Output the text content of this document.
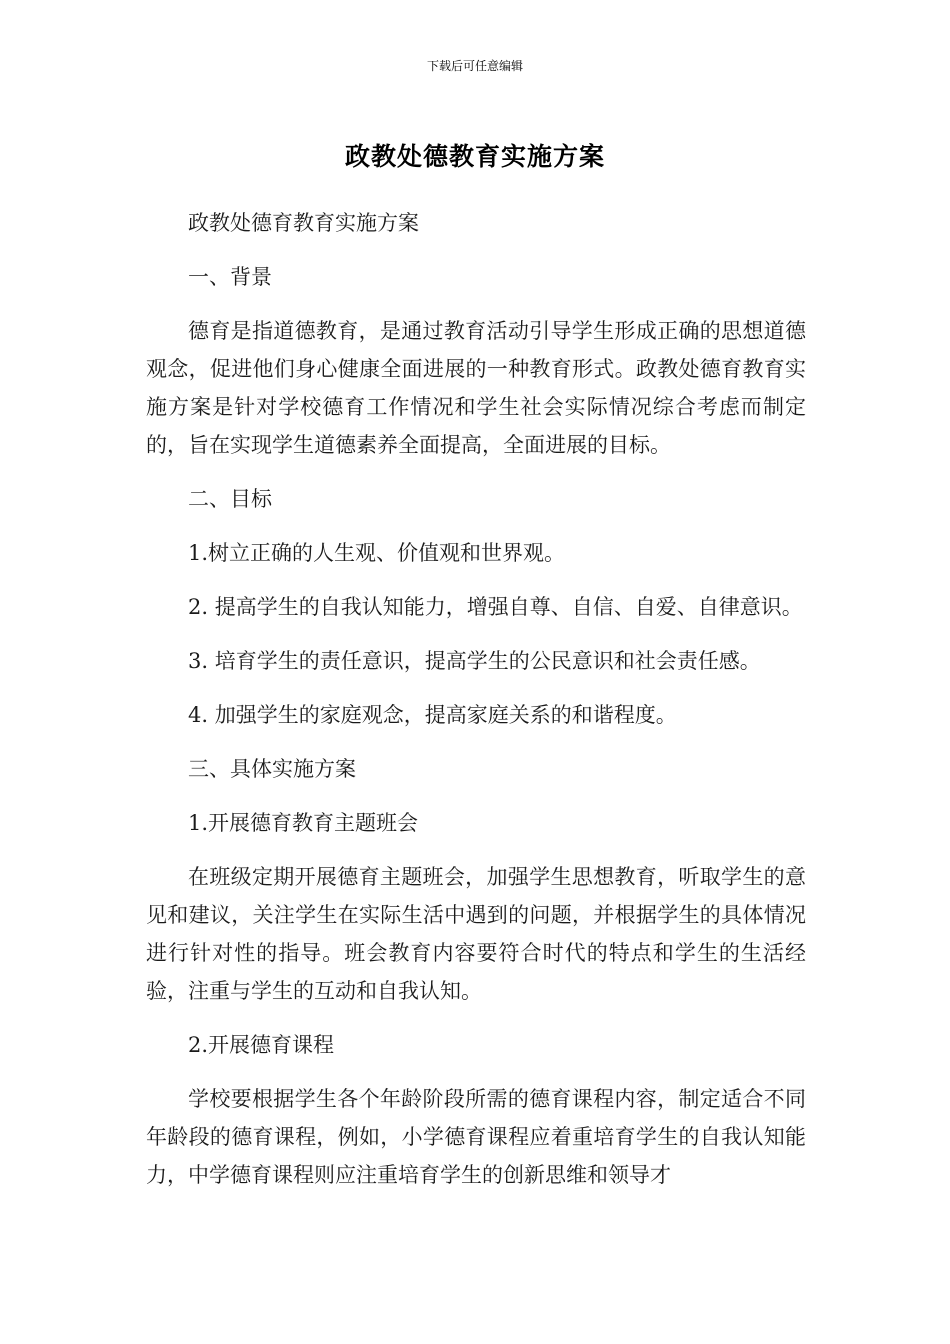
下载后可任意编辑
政教处德教育实施方案

政教处德育教育实施方案

一、背景

德育是指道德教育，是通过教育活动引导学生形成正确的思想道德观念，促进他们身心健康全面进展的一种教育形式。政教处德育教育实施方案是针对学校德育工作情况和学生社会实际情况综合考虑而制定的，旨在实现学生道德素养全面提高，全面进展的目标。

二、目标

1.树立正确的人生观、价值观和世界观。

2. 提高学生的自我认知能力，增强自尊、自信、自爱、自律意识。

3. 培育学生的责任意识，提高学生的公民意识和社会责任感。

4. 加强学生的家庭观念，提高家庭关系的和谐程度。

三、具体实施方案

1.开展德育教育主题班会

在班级定期开展德育主题班会，加强学生思想教育，听取学生的意见和建议，关注学生在实际生活中遇到的问题，并根据学生的具体情况进行针对性的指导。班会教育内容要符合时代的特点和学生的生活经验，注重与学生的互动和自我认知。

2.开展德育课程

学校要根据学生各个年龄阶段所需的德育课程内容，制定适合不同年龄段的德育课程，例如，小学德育课程应着重培育学生的自我认知能力，中学德育课程则应注重培育学生的创新思维和领导才
